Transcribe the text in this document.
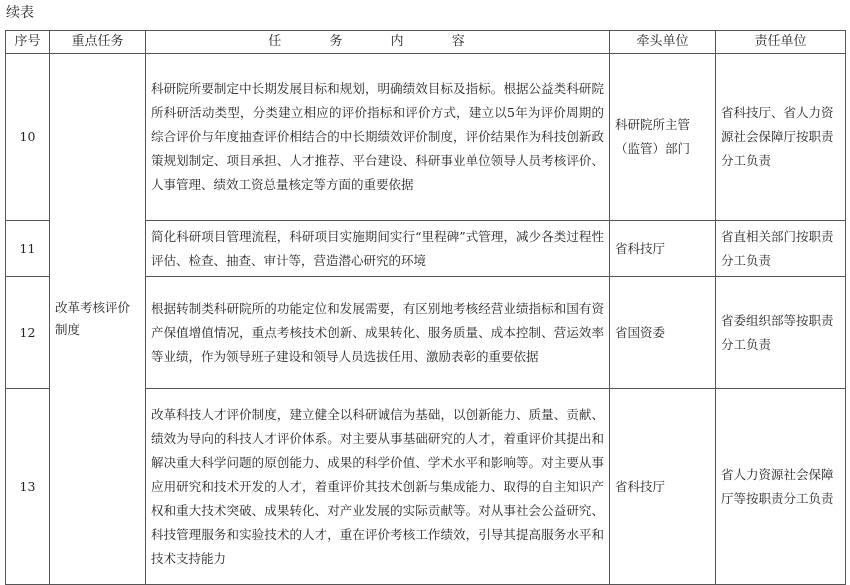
续表
序号	重点任务	任 务 内 容	牵头单位	责任单位
10	改革考核评价制度	科研院所要制定中长期发展目标和规划，明确绩效目标及指标。根据公益类科研院所科研活动类型，分类建立相应的评价指标和评价方式，建立以5年为评价周期的综合评价与年度抽查评价相结合的中长期绩效评价制度，评价结果作为科技创新政策规划制定、项目承担、人才推荐、平台建设、科研事业单位领导人员考核评价、人事管理、绩效工资总量核定等方面的重要依据	科研院所主管（监管）部门	省科技厅、省人力资源社会保障厅按职责分工负责
11		简化科研项目管理流程，科研项目实施期间实行“里程碑”式管理，减少各类过程性评估、检查、抽查、审计等，营造潜心研究的环境	省科技厅	省直相关部门按职责分工负责
12		根据转制类科研院所的功能定位和发展需要，有区别地考核经营业绩指标和国有资产保值增值情况，重点考核技术创新、成果转化、服务质量、成本控制、营运效率等业绩，作为领导班子建设和领导人员选拔任用、激励表彰的重要依据	省国资委	省委组织部等按职责分工负责
13		改革科技人才评价制度，建立健全以科研诚信为基础，以创新能力、质量、贡献、绩效为导向的科技人才评价体系。对主要从事基础研究的人才，着重评价其提出和解决重大科学问题的原创能力、成果的科学价值、学术水平和影响等。对主要从事应用研究和技术开发的人才，着重评价其技术创新与集成能力、取得的自主知识产权和重大技术突破、成果转化、对产业发展的实际贡献等。对从事社会公益研究、科技管理服务和实验技术的人才，重在评价考核工作绩效，引导其提高服务水平和技术支持能力	省科技厅	省人力资源社会保障厅等按职责分工负责
